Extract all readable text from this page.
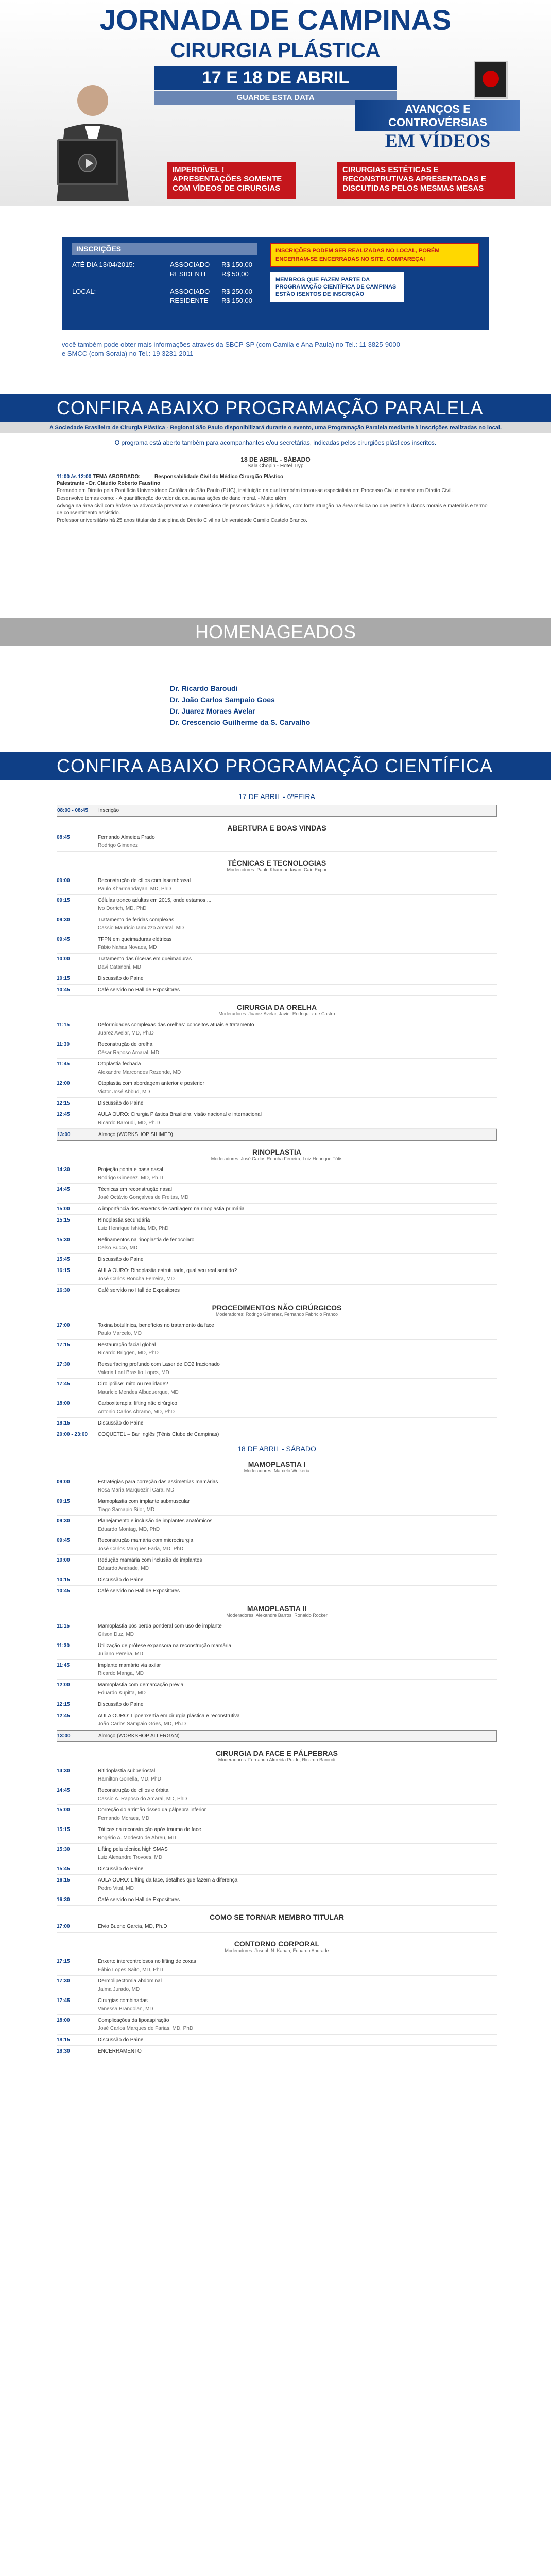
JORNADA DE CAMPINAS
CIRURGIA PLÁSTICA
17 E 18 DE ABRIL
GUARDE ESTA DATA
AVANÇOS E CONTROVÉRSIAS
EM VÍDEOS
IMPERDÍVEL ! APRESENTAÇÕES SOMENTE COM VÍDEOS DE CIRURGIAS
CIRURGIAS ESTÉTICAS E RECONSTRUTIVAS APRESENTADAS E DISCUTIDAS PELOS MESMAS MESAS
INSCRIÇÕES
ATÉ DIA 13/04/2015:	ASSOCIADO R$ 150,00
RESIDENTE R$ 50,00
LOCAL:	ASSOCIADO R$ 250,00
RESIDENTE R$ 150,00
INSCRIÇÕES PODEM SER REALIZADAS NO LOCAL, PORÉM ENCERRAM-SE ENCERRADAS NO SITE. COMPAREÇA!
MEMBROS QUE FAZEM PARTE DA PROGRAMAÇÃO CIENTÍFICA DE CAMPINAS ESTÃO ISENTOS DE INSCRIÇÃO
você também pode obter mais informações através da SBCP-SP (com Camila e Ana Paula) no Tel.: 11 3825-9000
e SMCC (com Soraia) no Tel.: 19 3231-2011
CONFIRA ABAIXO PROGRAMAÇÃO PARALELA
A Sociedade Brasileira de Cirurgia Plástica - Regional São Paulo disponibilizará durante o evento, uma Programação Paralela mediante à inscrições realizadas no local.
O programa está aberto também para acompanhantes e/ou secretárias, indicadas pelos cirurgiões plásticos inscritos.
18 DE ABRIL - SÁBADO
Sala Chopin - Hotel Tryp
11:00 às 12:00 TEMA ABORDADO:	Responsabilidade Civil do Médico Cirurgião Plástico
Palestrante - Dr. Cláudio Roberto Faustino

Formado em Direito pela Pontifícia Universidade Católica de São Paulo (PUC), instituição na qual também tornou-se especialista em Processo Civil e mestre em Direito Civil.

Desenvolve temas como: - A quantificação do valor da causa nas ações de dano moral. - Muito além

Advoga na área civil com ênfase na advocacia preventiva e contenciosa de pessoas físicas e jurídicas, com forte atuação na área médica no que pertine à danos morais e materiais e termo de consentimento assistido.

Professor universitário há 25 anos titular da disciplina de Direito Civil na Universidade Camilo Castelo Branco.

HOMENAGEADOS
Dr. Ricardo Baroudi
Dr. João Carlos Sampaio Goes
Dr. Juarez Moraes Avelar
Dr. Crescencio Guilherme da S. Carvalho
CONFIRA ABAIXO PROGRAMAÇÃO CIENTÍFICA
17 DE ABRIL - 6ªFEIRA
08:00 - 08:45	Inscrição
ABERTURA E BOAS VINDAS
08:45	Fernando Almeida Prado
Rodrigo Gimenez
TÉCNICAS E TECNOLOGIAS
Moderadores: Paulo Kharmandayan, Caio Expor
09:00	Reconstrução de cílios com laserabrasal
Paulo Kharmandayan, MD, PhD
09:15	Células tronco adultas em 2015, onde estamos ...
Ivo Dorrich, MD, PhD
09:30	Tratamento de feridas complexas
Cassio Maurício Iamuzzo Amaral, MD
09:45	TFPN em queimaduras elétricas
Fábio Nahas Novaes, MD
10:00	Tratamento das úlceras em queimaduras
Davi Catanoni, MD
10:15	Discussão do Painel
10:45	Café servido no Hall de Expositores
CIRURGIA DA ORELHA
Moderadores: Juarez Avelar, Javier Rodriguez de Castro
11:15	Deformidades complexas das orelhas: conceitos atuais e tratamento
Juarez Avelar, MD, Ph.D
11:30	Reconstrução de orelha
César Raposo Amaral, MD
11:45	Otoplastia fechada
Alexandre Marcondes Rezende, MD
12:00	Otoplastia com abordagem anterior e posterior
Victor José Abbud, MD
12:15	Discussão do Painel
12:45	AULA OURO: Cirurgia Plástica Brasileira: visão nacional e internacional
Ricardo Baroudi, MD, Ph.D
13:00	Almoço (WORKSHOP SILIMED)
RINOPLASTIA
Moderadores: José Carlos Roncha Ferreira, Luiz Henrique Tótis
14:30	Projeção ponta e base nasal
Rodrigo Gimenez, MD, Ph.D
14:45	Técnicas em reconstrução nasal
José Octávio Gonçalves de Freitas, MD
15:00	A importância dos enxertos de cartilagem na rinoplastia primária
15:15	Rinoplastia secundária
Luiz Henrique Ishida, MD, PhD
15:30	Refinamentos na rinoplastia de fenocolaro
Celso Bucco, MD
15:45	Discussão do Painel
16:15	AULA OURO: Rinoplastia estruturada, qual seu real sentido?
José Carlos Roncha Ferreira, MD
16:30	Café servido no Hall de Expositores
PROCEDIMENTOS NÃO CIRÚRGICOS
Moderadores: Rodrigo Gimenez, Fernando Fabrício Franco
17:00	Toxina botulínica, benefícios no tratamento da face
Paulo Marcelo, MD
17:15	Restauração facial global
Ricardo Briggen, MD, PhD
17:30	Rexsurfacing profundo com Laser de CO2 fracionado
Valeria Leal Brasilio Lopes, MD
17:45	Cirolipólise: mito ou realidade?
Maurício Mendes Albuquerque, MD
18:00	Carboxiterapia: lifting não cirúrgico
Antonio Carlos Abramo, MD, PhD
18:15	Discussão do Painel
20:00 - 23:00	COQUETEL – Bar Inglês (Tênis Clube de Campinas)
18 DE ABRIL - SÁBADO
MAMOPLASTIA I
Moderadores: Marcelo Wulkeria
09:00	Estratégias para correção das assimetrias mamárias
Rosa Maria Marquezini Cara, MD
09:15	Mamoplastia com implante submuscular
Tiago Samapio Silor, MD
09:30	Planejamento e inclusão de implantes anatômicos
Eduardo Montag, MD, PhD
09:45	Reconstrução mamária com microcirurgia
José Carlos Marques Faria, MD, PhD
10:00	Redução mamária com inclusão de implantes
Eduardo Andrade, MD
10:15	Discussão do Painel
10:45	Café servido no Hall de Expositores
MAMOPLASTIA II
Moderadores: Alexandre Barros, Ronaldo Rocker
11:15	Mamoplastia pós perda ponderal com uso de implante
Gilson Duz, MD
11:30	Utilização de prótese expansora na reconstrução mamária
Juliano Pereira, MD
11:45	Implante mamário via axilar
Ricardo Manga, MD
12:00	Mamoplastia com demarcação prévia
Eduardo Kupitta, MD
12:15	Discussão do Painel
12:45	AULA OURO: Lipoenxertia em cirurgia plástica e reconstrutiva
João Carlos Sampaio Góes, MD, Ph.D
13:00	Almoço (WORKSHOP ALLERGAN)
CIRURGIA DA FACE E PÁLPEBRAS
Moderadores: Fernando Almeida Prado, Ricardo Baroudi
14:30	Ritidoplastia subperiostal
Hamilton Gonella, MD, PhD
14:45	Reconstrução de cílios e órbita
Cassio A. Raposo do Amaral, MD, PhD
15:00	Correção do arrimão ósseo da pálpebra inferior
Fernando Moraes, MD
15:15	Táticas na reconstrução após trauma de face
Rogério A. Modesto de Abreu, MD
15:30	Lifting pela técnica high SMAS
Luiz Alexandre Trovoes, MD
15:45	Discussão do Painel
16:15	AULA OURO: Lifting da face, detalhes que fazem a diferença
Pedro Vital, MD
16:30	Café servido no Hall de Expositores
COMO SE TORNAR MEMBRO TITULAR
17:00	Elvio Bueno Garcia, MD, Ph.D
CONTORNO CORPORAL
Moderadores: Joseph N. Kanan, Eduardo Andrade
17:15	Enxerto intercontrolosos no lifting de coxas
Fábio Lopes Saito, MD, PhD
17:30	Dermolipectomia abdominal
Jalma Jurado, MD
17:45	Cirurgias combinadas
Vanessa Brandolan, MD
18:00	Complicações da lipoaspiração
José Carlos Marques de Farias, MD, PhD
18:15	Discussão do Painel
18:30	ENCERRAMENTO
